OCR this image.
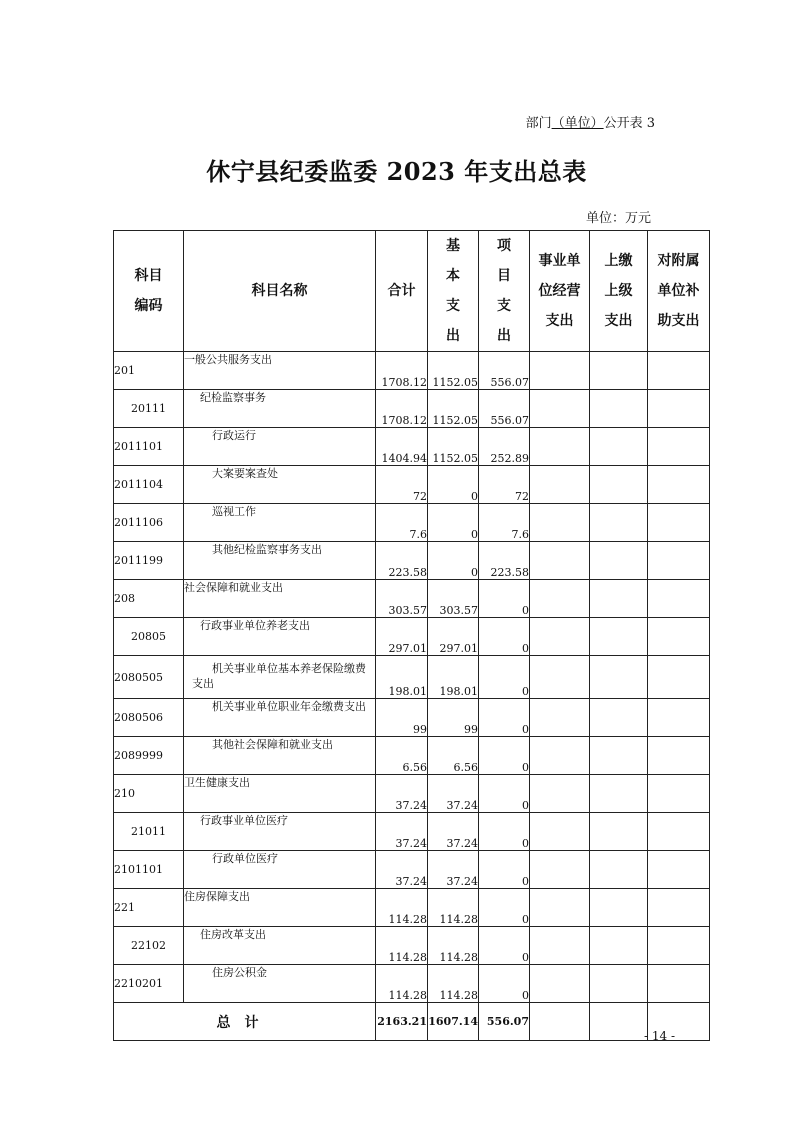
部门（单位）公开表 3
休宁县纪委监委 2023 年支出总表
单位：万元
科目编码	科目名称	合计	基本支出	项目支出	事业单位经营支出	上缴上级支出	对附属单位补助支出
201	一般公共服务支出	1708.12	1152.05	556.07			
20111	纪检监察事务	1708.12	1152.05	556.07			
2011101	行政运行	1404.94	1152.05	252.89			
2011104	大案要案查处	72	0	72			
2011106	巡视工作	7.6	0	7.6			
2011199	其他纪检监察事务支出	223.58	0	223.58			
208	社会保障和就业支出	303.57	303.57	0			
20805	行政事业单位养老支出	297.01	297.01	0			
2080505	机关事业单位基本养老保险缴费支出	198.01	198.01	0			
2080506	机关事业单位职业年金缴费支出	99	99	0			
2089999	其他社会保障和就业支出	6.56	6.56	0			
210	卫生健康支出	37.24	37.24	0			
21011	行政事业单位医疗	37.24	37.24	0			
2101101	行政单位医疗	37.24	37.24	0			
221	住房保障支出	114.28	114.28	0			
22102	住房改革支出	114.28	114.28	0			
2210201	住房公积金	114.28	114.28	0			
总计		2163.21	1607.14	556.07			
- 14 -
